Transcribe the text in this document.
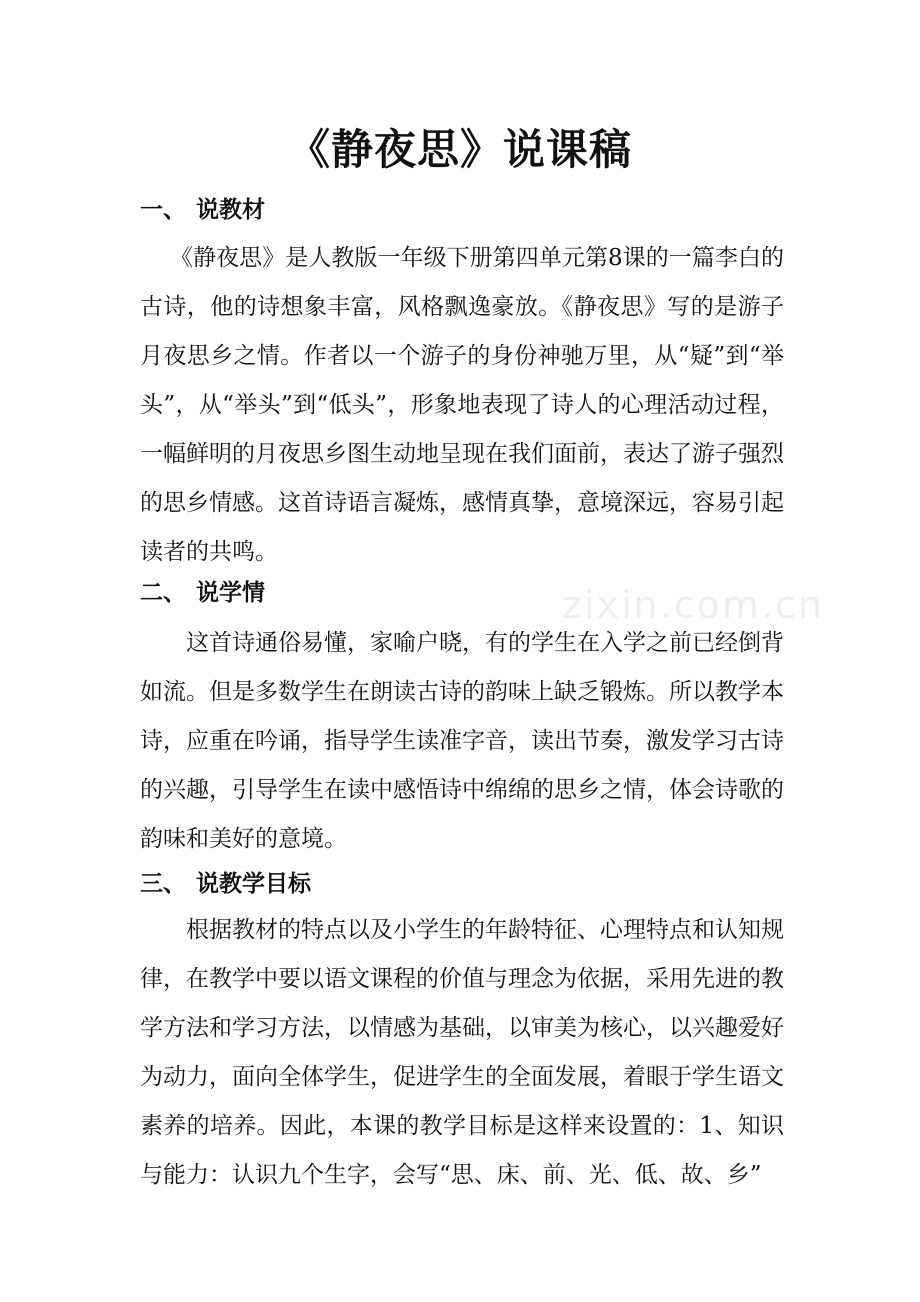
《静夜思》说课稿
一、 说教材
《静夜思》是人教版一年级下册第四单元第8课的一篇李白的古诗，他的诗想象丰富，风格飘逸豪放。《静夜思》写的是游子月夜思乡之情。作者以一个游子的身份神驰万里，从“疑”到“举头”，从“举头”到“低头”，形象地表现了诗人的心理活动过程，一幅鲜明的月夜思乡图生动地呈现在我们面前，表达了游子强烈的思乡情感。这首诗语言凝炼，感情真挚，意境深远，容易引起读者的共鸣。
二、 说学情
这首诗通俗易懂，家喻户晓，有的学生在入学之前已经倒背如流。但是多数学生在朗读古诗的韵味上缺乏锻炼。所以教学本诗，应重在吟诵，指导学生读准字音，读出节奏，激发学习古诗的兴趣，引导学生在读中感悟诗中绵绵的思乡之情，体会诗歌的韵味和美好的意境。
zixin.com.cn
三、 说教学目标
根据教材的特点以及小学生的年龄特征、心理特点和认知规律，在教学中要以语文课程的价值与理念为依据，采用先进的教学方法和学习方法，以情感为基础，以审美为核心，以兴趣爱好为动力，面向全体学生，促进学生的全面发展，着眼于学生语文素养的培养。因此，本课的教学目标是这样来设置的：1、知识与能力：认识九个生字，会写“思、床、前、光、低、故、乡”
